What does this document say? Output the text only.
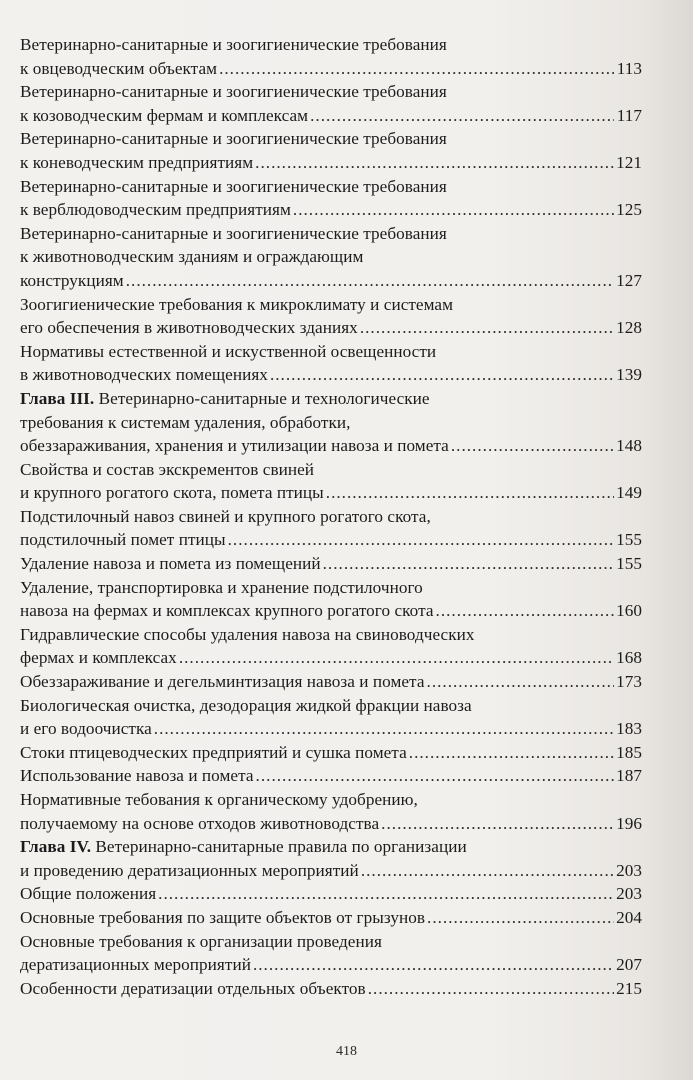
Ветеринарно-санитарные и зоогигиенические требования
к овцеводческим объектам .....	113
Ветеринарно-санитарные и зоогигиенические требования
к козоводческим фермам и комплексам .....	117
Ветеринарно-санитарные и зоогигиенические требования
к коневодческим предприятиям .....	121
Ветеринарно-санитарные и зоогигиенические требования
к верблюдоводческим предприятиям .....	125
Ветеринарно-санитарные и зоогигиенические требования
к животноводческим зданиям и ограждающим
конструкциям .....	127
Зоогигиенические требования к микроклимату и системам
его обеспечения в животноводческих зданиях .....	128
Нормативы естественной и искуственной освещенности
в животноводческих помещениях .....	139
Глава III. Ветеринарно-санитарные и технологические
требования к системам удаления, обработки,
обеззараживания, хранения и утилизации навоза и помета .....	148
Свойства и состав экскрементов свиней
и крупного рогатого скота, помета птицы .....	149
Подстилочный навоз свиней и крупного рогатого скота,
подстилочный помет птицы .....	155
Удаление навоза и помета из помещений .....	155
Удаление, транспортировка и хранение подстилочного
навоза на фермах и комплексах крупного рогатого скота .....	160
Гидравлические способы удаления навоза на свиноводческих
фермах и комплексах .....	168
Обеззараживание и дегельминтизация навоза и помета .....	173
Биологическая очистка, дезодорация жидкой фракции навоза
и его водоочистка .....	183
Стоки птицеводческих предприятий и сушка помета .....	185
Использование навоза и помета .....	187
Нормативные тебования к органическому удобрению,
получаемому на основе отходов животноводства .....	196
Глава IV. Ветеринарно-санитарные правила по организации
и проведению дератизационных мероприятий .....	203
Общие положения .....	203
Основные требования по защите объектов от грызунов .....	204
Основные требования к организации проведения
дератизационных мероприятий .....	207
Особенности дератизации отдельных объектов .....	215
418
